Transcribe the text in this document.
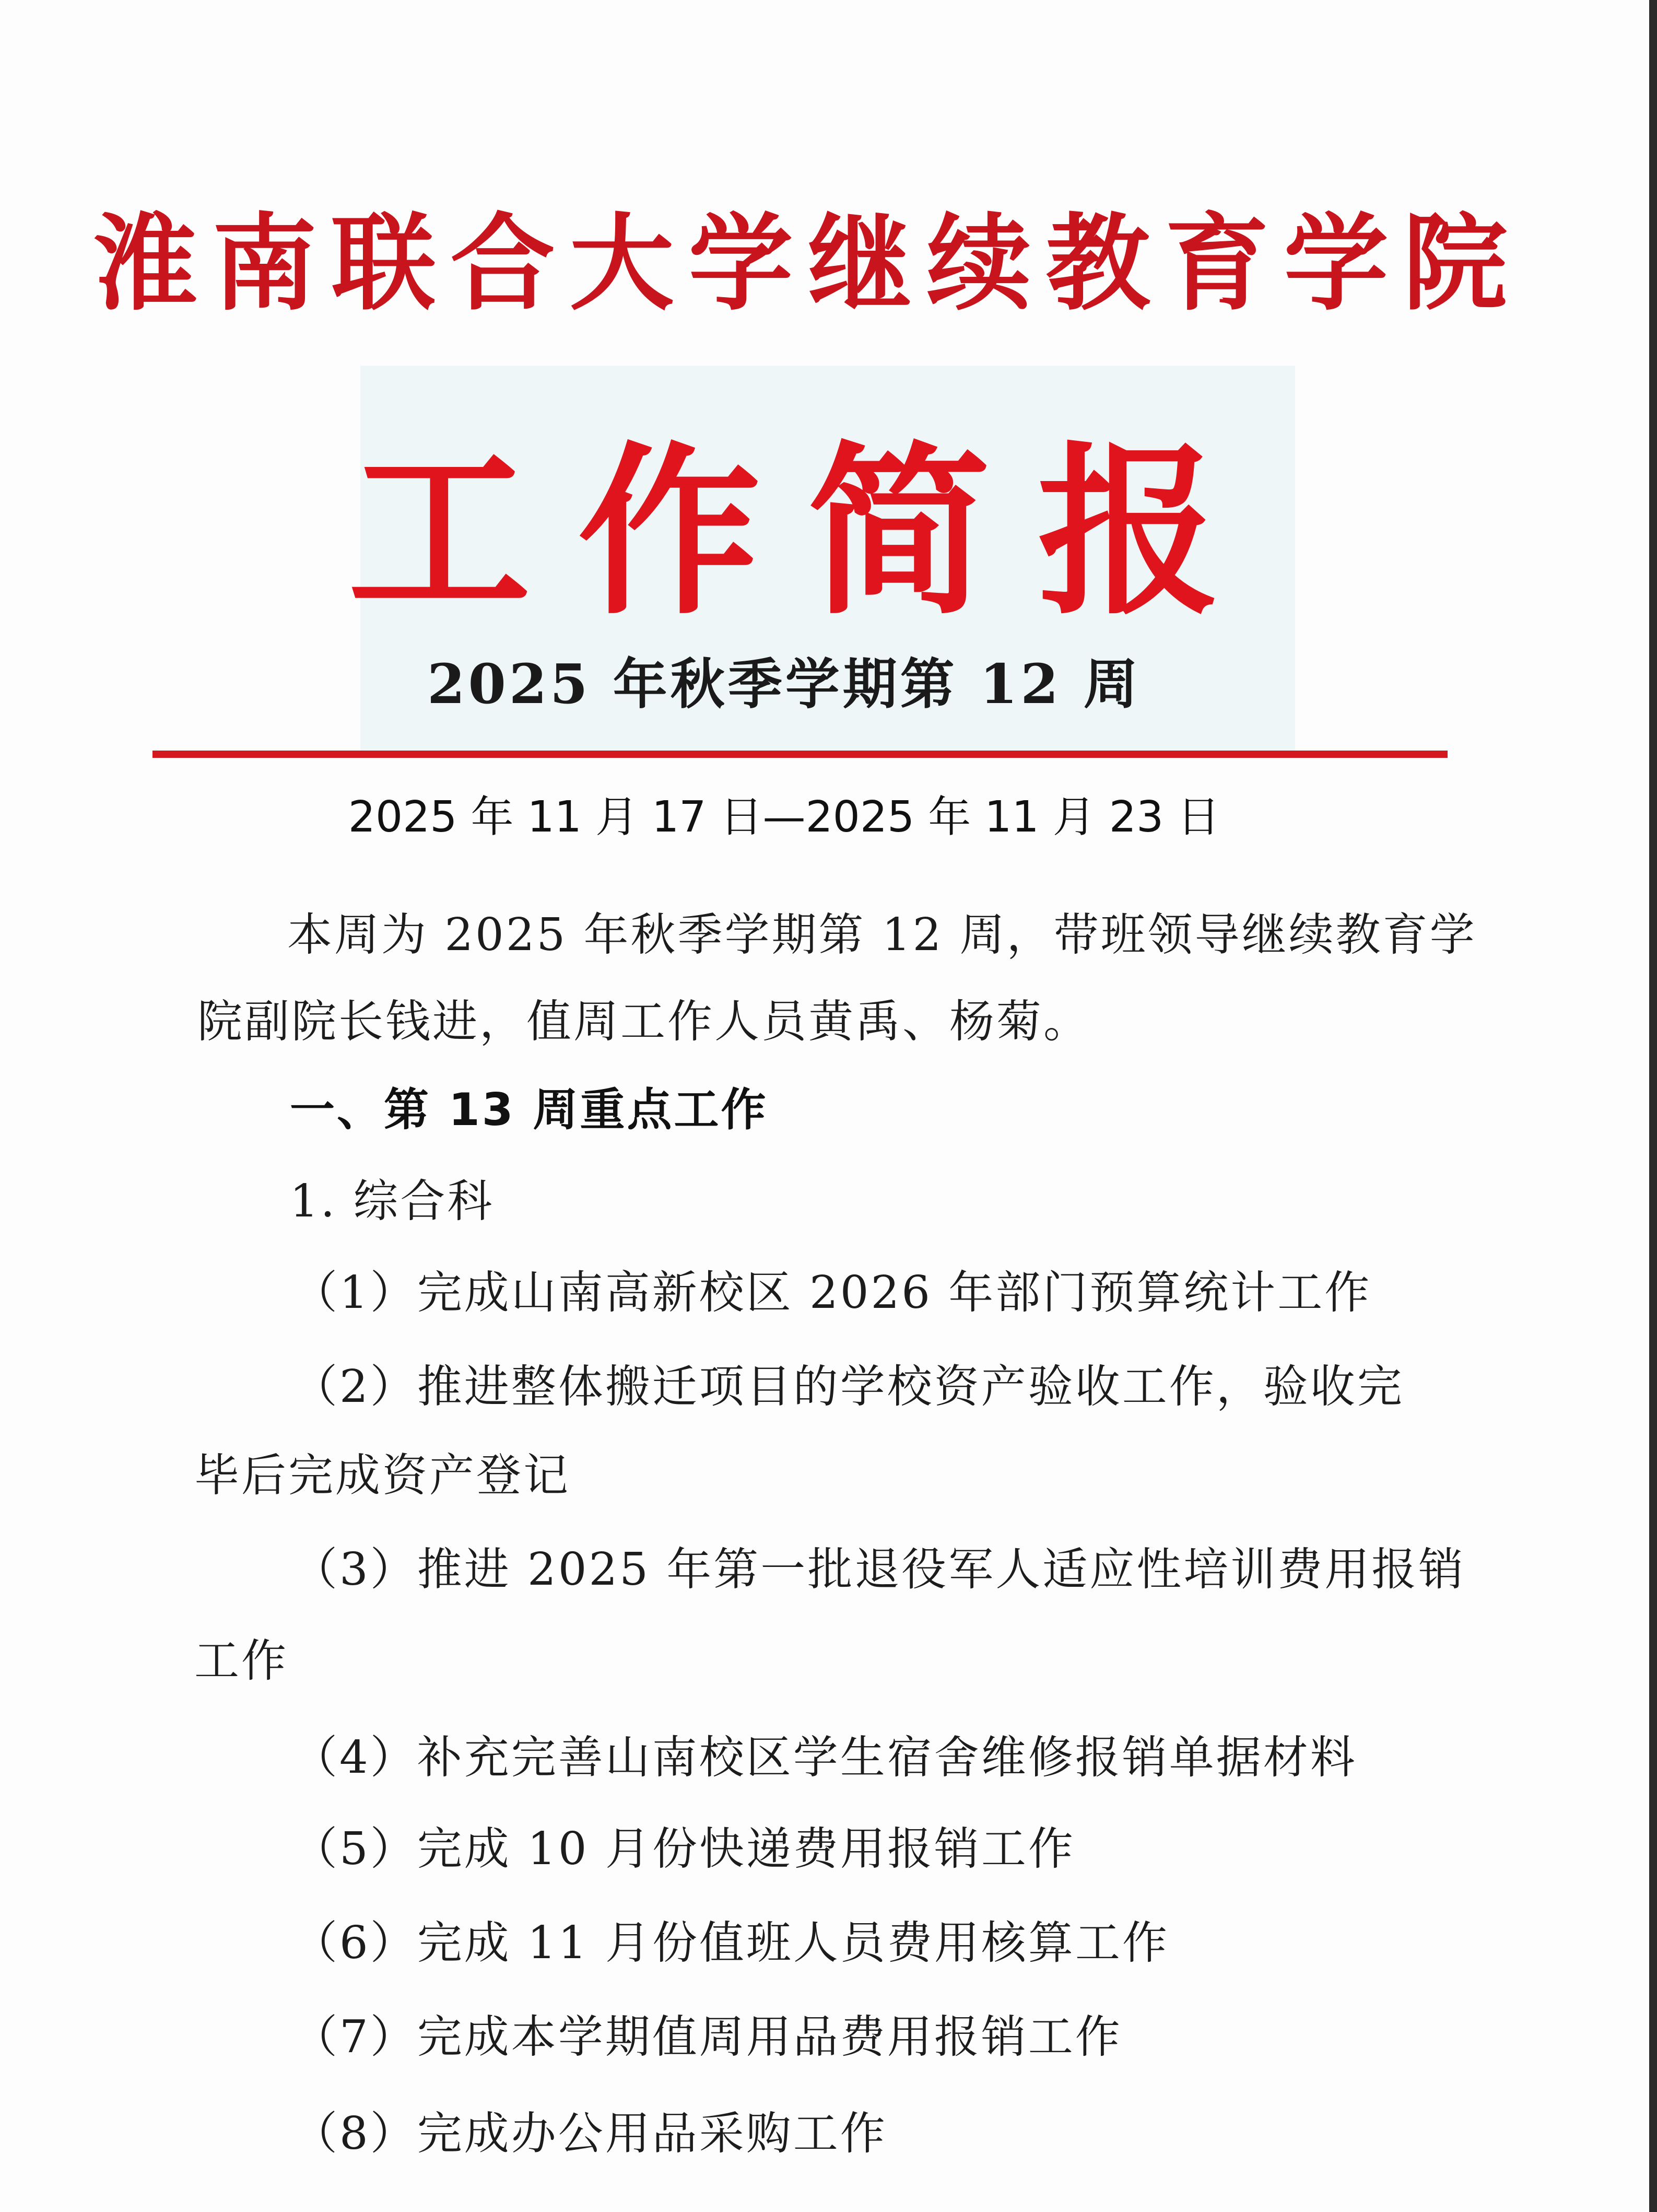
淮南联合大学继续教育学院
工作简报
2025 年秋季学期第 12 周
2025 年 11 月 17 日—2025 年 11 月 23 日
本周为 2025 年秋季学期第 12 周，带班领导继续教育学
院副院长钱进，值周工作人员黄禹、杨菊。
一、第 13 周重点工作
1. 综合科
（1）完成山南高新校区 2026 年部门预算统计工作
（2）推进整体搬迁项目的学校资产验收工作，验收完
毕后完成资产登记
（3）推进 2025 年第一批退役军人适应性培训费用报销
工作
（4）补充完善山南校区学生宿舍维修报销单据材料
（5）完成 10 月份快递费用报销工作
（6）完成 11 月份值班人员费用核算工作
（7）完成本学期值周用品费用报销工作
（8）完成办公用品采购工作
